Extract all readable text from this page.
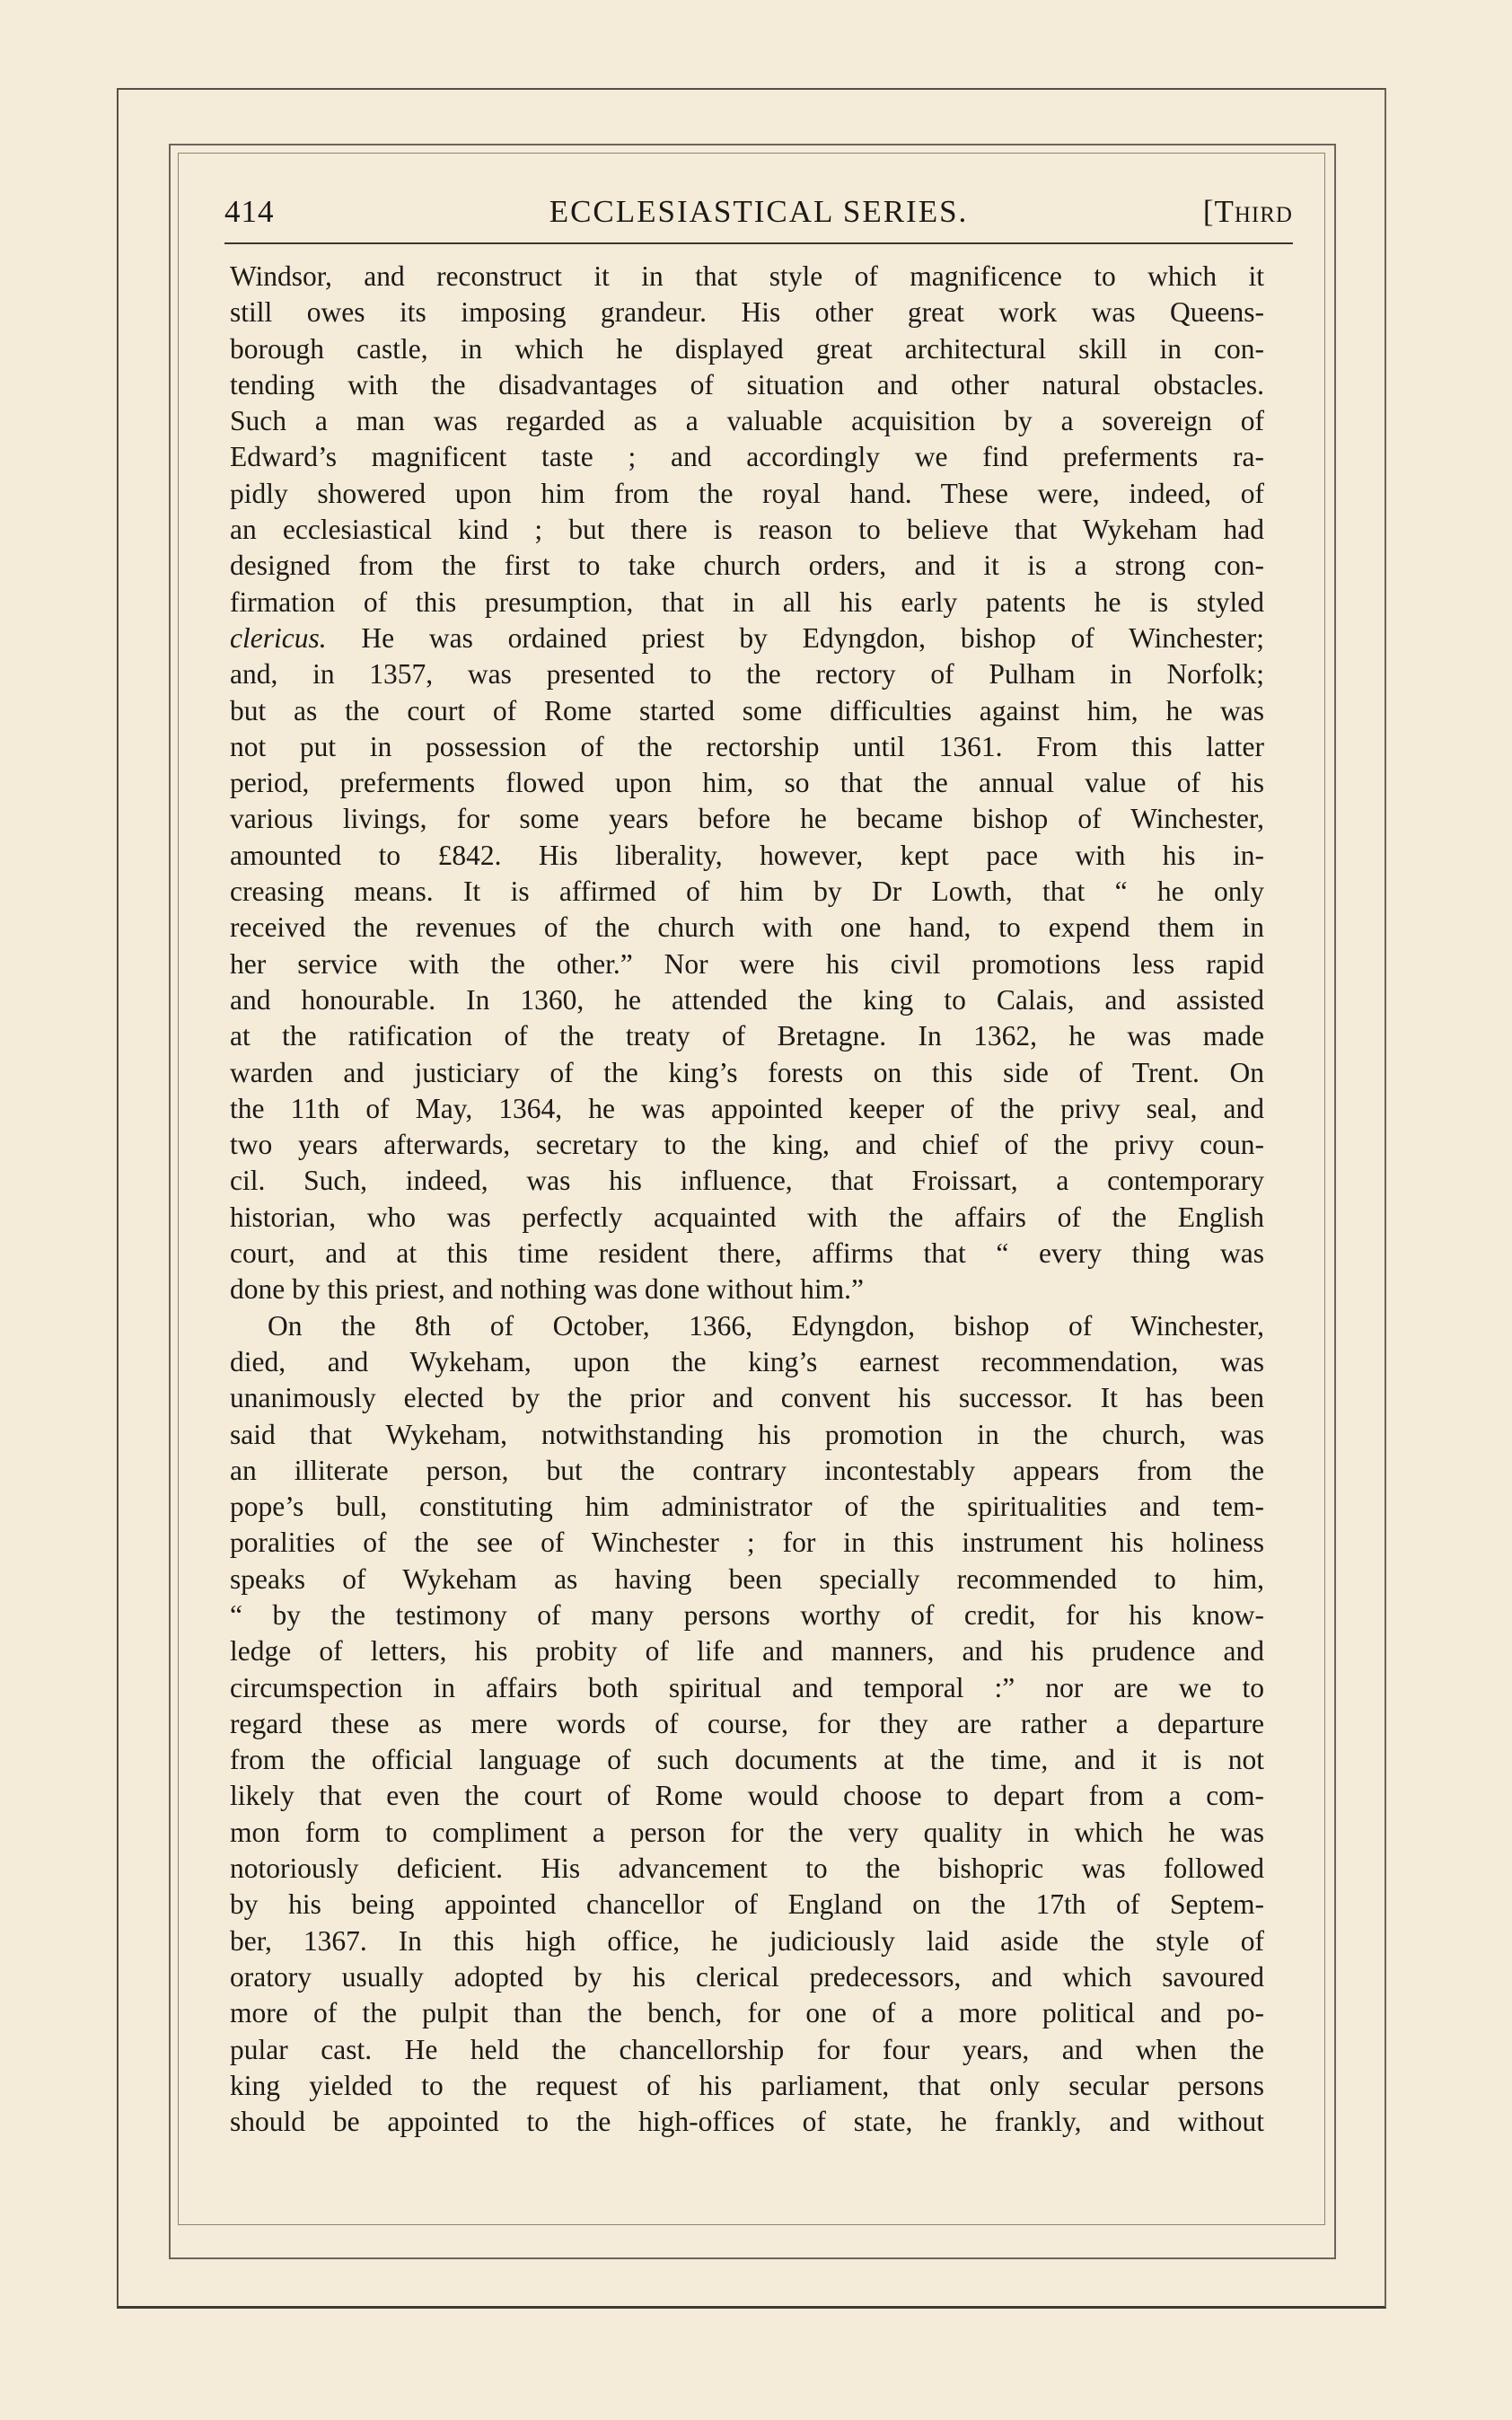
414	ECCLESIASTICAL SERIES.	[Third
Windsor, and reconstruct it in that style of magnificence to which it
still owes its imposing grandeur. His other great work was Queens-
borough castle, in which he displayed great architectural skill in con-
tending with the disadvantages of situation and other natural obstacles.
Such a man was regarded as a valuable acquisition by a sovereign of
Edward’s magnificent taste ; and accordingly we find preferments ra-
pidly showered upon him from the royal hand. These were, indeed, of
an ecclesiastical kind ; but there is reason to believe that Wykeham had
designed from the first to take church orders, and it is a strong con-
firmation of this presumption, that in all his early patents he is styled
clericus. He was ordained priest by Edyngdon, bishop of Winchester;
and, in 1357, was presented to the rectory of Pulham in Norfolk;
but as the court of Rome started some difficulties against him, he was
not put in possession of the rectorship until 1361. From this latter
period, preferments flowed upon him, so that the annual value of his
various livings, for some years before he became bishop of Winchester,
amounted to £842. His liberality, however, kept pace with his in-
creasing means. It is affirmed of him by Dr Lowth, that “ he only
received the revenues of the church with one hand, to expend them in
her service with the other.” Nor were his civil promotions less rapid
and honourable. In 1360, he attended the king to Calais, and assisted
at the ratification of the treaty of Bretagne. In 1362, he was made
warden and justiciary of the king’s forests on this side of Trent. On
the 11th of May, 1364, he was appointed keeper of the privy seal, and
two years afterwards, secretary to the king, and chief of the privy coun-
cil. Such, indeed, was his influence, that Froissart, a contemporary
historian, who was perfectly acquainted with the affairs of the English
court, and at this time resident there, affirms that “ every thing was
done by this priest, and nothing was done without him.”
On the 8th of October, 1366, Edyngdon, bishop of Winchester,
died, and Wykeham, upon the king’s earnest recommendation, was
unanimously elected by the prior and convent his successor. It has been
said that Wykeham, notwithstanding his promotion in the church, was
an illiterate person, but the contrary incontestably appears from the
pope’s bull, constituting him administrator of the spiritualities and tem-
poralities of the see of Winchester ; for in this instrument his holiness
speaks of Wykeham as having been specially recommended to him,
“ by the testimony of many persons worthy of credit, for his know-
ledge of letters, his probity of life and manners, and his prudence and
circumspection in affairs both spiritual and temporal :” nor are we to
regard these as mere words of course, for they are rather a departure
from the official language of such documents at the time, and it is not
likely that even the court of Rome would choose to depart from a com-
mon form to compliment a person for the very quality in which he was
notoriously deficient. His advancement to the bishopric was followed
by his being appointed chancellor of England on the 17th of Septem-
ber, 1367. In this high office, he judiciously laid aside the style of
oratory usually adopted by his clerical predecessors, and which savoured
more of the pulpit than the bench, for one of a more political and po-
pular cast. He held the chancellorship for four years, and when the
king yielded to the request of his parliament, that only secular persons
should be appointed to the high-offices of state, he frankly, and without
